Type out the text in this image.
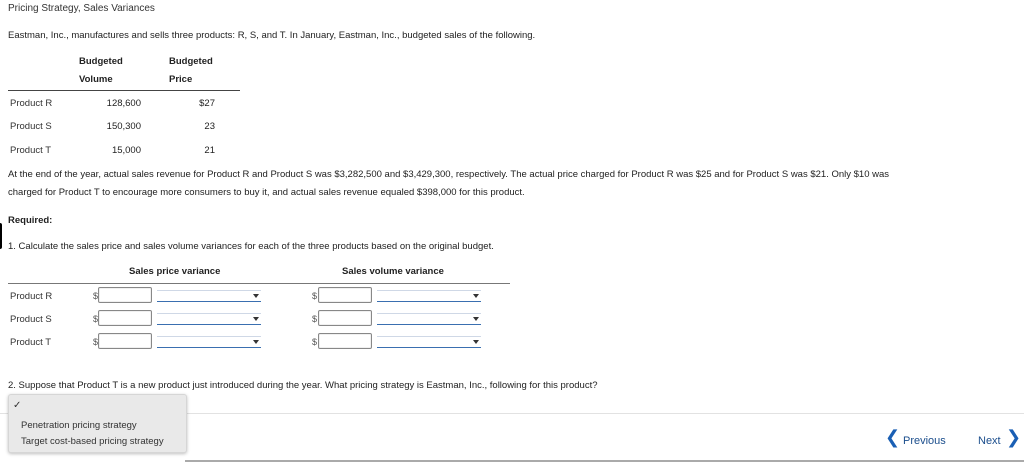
Pricing Strategy, Sales Variances
Eastman, Inc., manufactures and sells three products: R, S, and T. In January, Eastman, Inc., budgeted sales of the following.
Budgeted
Volume
Budgeted
Price
Product R	128,600	$27
Product S	150,300	23
Product T	15,000	21
At the end of the year, actual sales revenue for Product R and Product S was $3,282,500 and $3,429,300, respectively. The actual price charged for Product R was $25 and for Product S was $21. Only $10 was
charged for Product T to encourage more consumers to buy it, and actual sales revenue equaled $398,000 for this product.
Required:
1. Calculate the sales price and sales volume variances for each of the three products based on the original budget.
Sales price variance	Sales volume variance
Product R	$	$
Product S	$	$
Product T	$	$
2. Suppose that Product T is a new product just introduced during the year. What pricing strategy is Eastman, Inc., following for this product?
❮ Previous	Next ❯
✓
Penetration pricing strategy
Target cost-based pricing strategy
